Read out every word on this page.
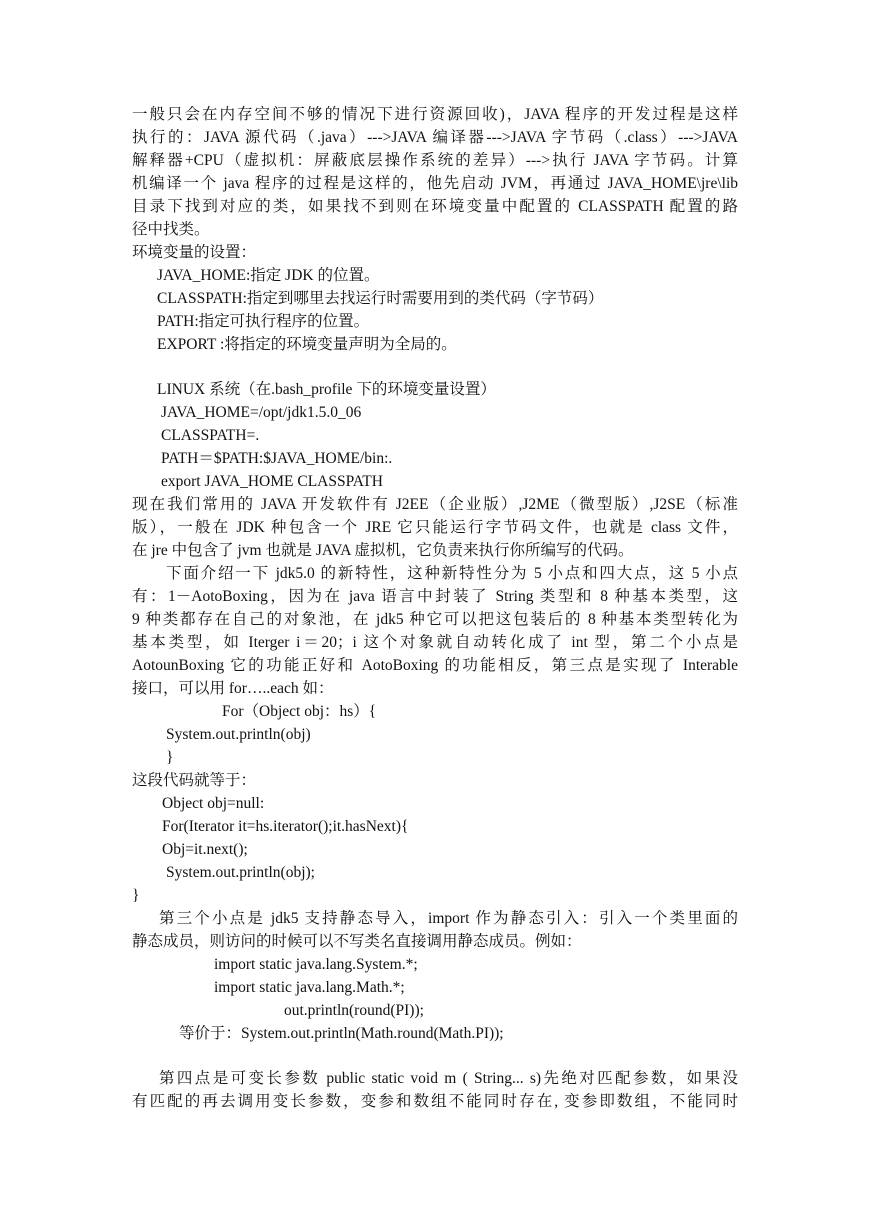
一般只会在内存空间不够的情况下进行资源回收)，JAVA 程序的开发过程是这样
执行的：JAVA 源代码（.java）--->JAVA 编译器--->JAVA 字节码（.class）--->JAVA
解释器+CPU（虚拟机：屏蔽底层操作系统的差异）--->执行 JAVA 字节码。计算
机编译一个 java 程序的过程是这样的，他先启动 JVM，再通过 JAVA_HOME\jre\lib
目录下找到对应的类，如果找不到则在环境变量中配置的 CLASSPATH 配置的路
径中找类。
环境变量的设置：
JAVA_HOME:指定 JDK 的位置。
CLASSPATH:指定到哪里去找运行时需要用到的类代码（字节码）
PATH:指定可执行程序的位置。
EXPORT :将指定的环境变量声明为全局的。
LINUX 系统（在.bash_profile 下的环境变量设置）
JAVA_HOME=/opt/jdk1.5.0_06
CLASSPATH=.
PATH＝$PATH:$JAVA_HOME/bin:.
export JAVA_HOME CLASSPATH
现在我们常用的 JAVA 开发软件有 J2EE（企业版）,J2ME（微型版）,J2SE（标准
版），一般在 JDK 种包含一个 JRE 它只能运行字节码文件，也就是 class 文件，
在 jre 中包含了 jvm 也就是 JAVA 虚拟机，它负责来执行你所编写的代码。
下面介绍一下 jdk5.0 的新特性，这种新特性分为 5 小点和四大点，这 5 小点
有：1－AotoBoxing，因为在 java 语言中封装了 String 类型和 8 种基本类型，这
9 种类都存在自己的对象池，在 jdk5 种它可以把这包装后的 8 种基本类型转化为
基本类型，如 Iterger i＝20；i 这个对象就自动转化成了 int 型，第二个小点是
AotounBoxing 它的功能正好和 AotoBoxing 的功能相反，第三点是实现了 Interable
接口，可以用 for…..each 如：
For（Object obj：hs）{
System.out.println(obj)
}
这段代码就等于：
Object obj=null:
For(Iterator it=hs.iterator();it.hasNext){
Obj=it.next();
System.out.println(obj);
}
第三个小点是 jdk5 支持静态导入，import 作为静态引入：引入一个类里面的
静态成员，则访问的时候可以不写类名直接调用静态成员。例如：
import static java.lang.System.*;
import static java.lang.Math.*;
out.println(round(PI));
等价于：System.out.println(Math.round(Math.PI));
第四点是可变长参数 public static void m ( String... s)先绝对匹配参数，如果没
有匹配的再去调用变长参数，变参和数组不能同时存在, 变参即数组，不能同时
